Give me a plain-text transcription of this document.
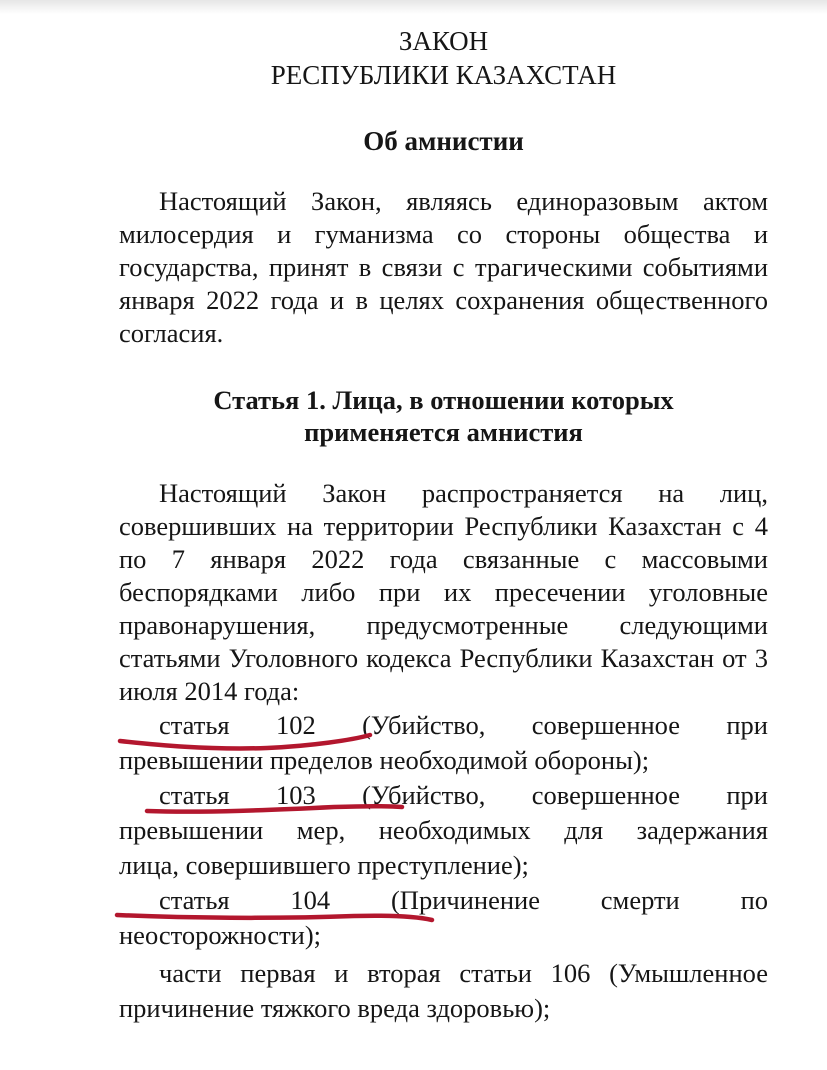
ЗАКОН
РЕСПУБЛИКИ КАЗАХСТАН
Об амнистии

Настоящий Закон, являясь единоразовым актом милосердия и гуманизма со стороны общества и государства, принят в связи с трагическими событиями января 2022 года и в целях сохранения общественного согласия.

Статья 1. Лица, в отношении которых
применяется амнистия

Настоящий Закон распространяется на лиц, совершивших на территории Республики Казахстан с 4 по 7 января 2022 года связанные с массовыми беспорядками либо при их пресечении уголовные правонарушения, предусмотренные следующими статьями Уголовного кодекса Республики Казахстан от 3 июля 2014 года:

статья 102 (Убийство, совершенное при
превышении пределов необходимой обороны);
статья 103 (Убийство, совершенное при
превышении мер, необходимых для задержания
лица, совершившего преступление);
статья 104 (Причинение смерти по
неосторожности);

части первая и вторая статьи 106 (Умышленное причинение тяжкого вреда здоровью);
